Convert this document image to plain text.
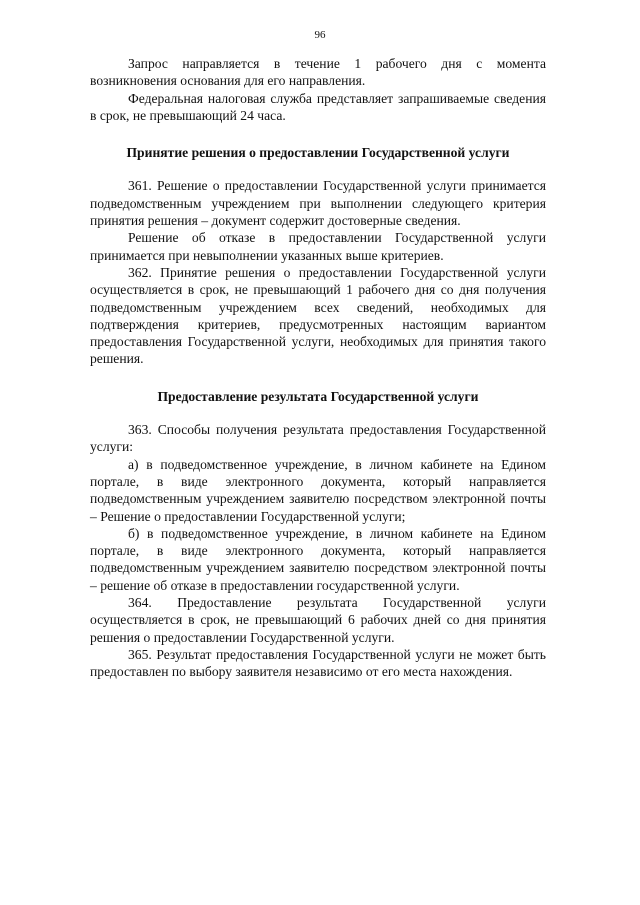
96

Запрос направляется в течение 1 рабочего дня с момента возникновения основания для его направления.

Федеральная налоговая служба представляет запрашиваемые сведения в срок, не превышающий 24 часа.

Принятие решения о предоставлении Государственной услуги

361. Решение о предоставлении Государственной услуги принимается подведомственным учреждением при выполнении следующего критерия принятия решения – документ содержит достоверные сведения.

Решение об отказе в предоставлении Государственной услуги принимается при невыполнении указанных выше критериев.

362. Принятие решения о предоставлении Государственной услуги осуществляется в срок, не превышающий 1 рабочего дня со дня получения подведомственным учреждением всех сведений, необходимых для подтверждения критериев, предусмотренных настоящим вариантом предоставления Государственной услуги, необходимых для принятия такого решения.

Предоставление результата Государственной услуги

363. Способы получения результата предоставления Государственной услуги:

а) в подведомственное учреждение, в личном кабинете на Едином портале, в виде электронного документа, который направляется подведомственным учреждением заявителю посредством электронной почты – Решение о предоставлении Государственной услуги;

б) в подведомственное учреждение, в личном кабинете на Едином портале, в виде электронного документа, который направляется подведомственным учреждением заявителю посредством электронной почты – решение об отказе в предоставлении государственной услуги.

364. Предоставление результата Государственной услуги осуществляется в срок, не превышающий 6 рабочих дней со дня принятия решения о предоставлении Государственной услуги.

365. Результат предоставления Государственной услуги не может быть предоставлен по выбору заявителя независимо от его места нахождения.
